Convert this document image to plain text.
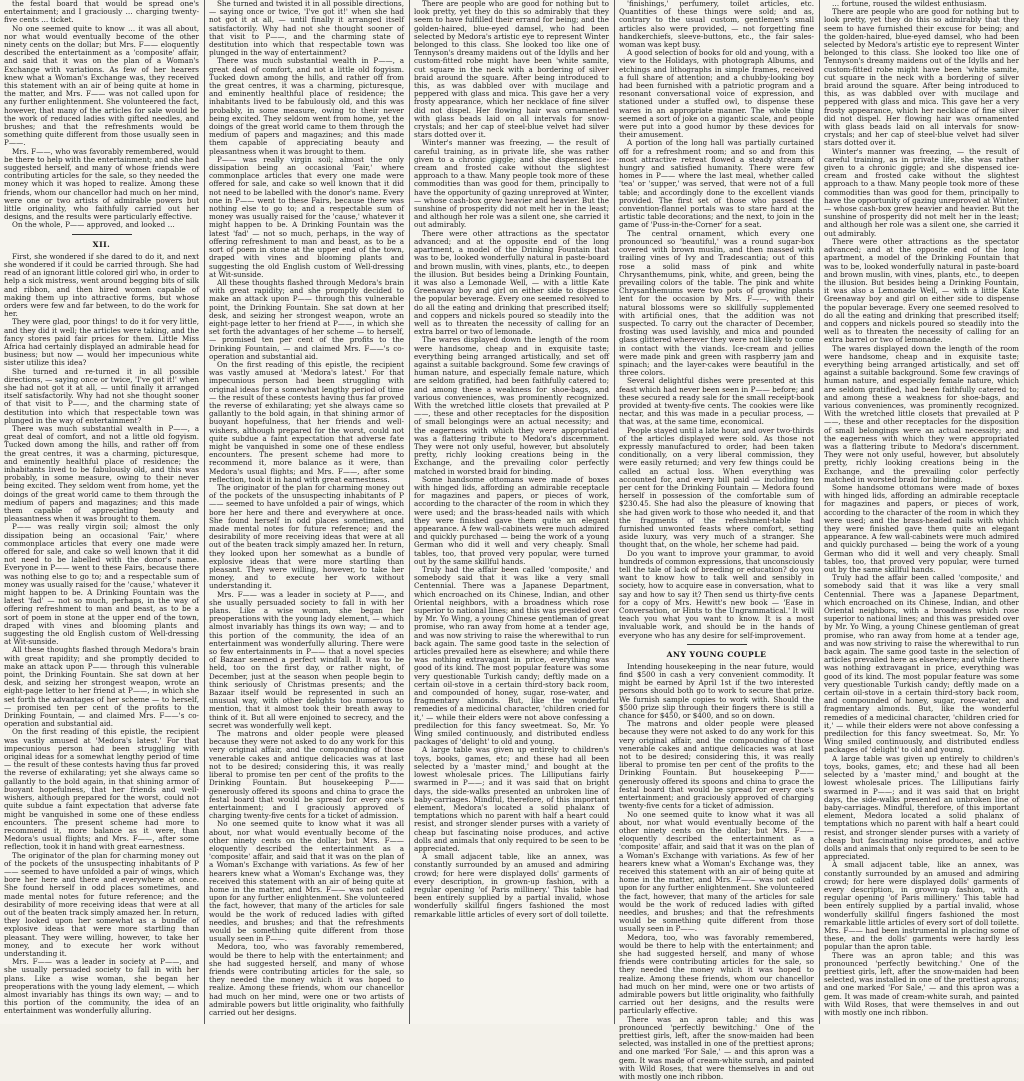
the festal board that would be spread one's entertainment; and I graciously … charging twenty-five cents … ticket.

No one seemed quite to know … it was all about, nor what would eventually become of the other ninety cents on the dollar; but Mrs. F—— eloquently described the entertainment as a 'composite' affair, and said that it was on the plan of a Woman's Exchange with variations. As few of her hearers knew what a Woman's Exchange was, they received this statement with an air of being quite at home in the matter, and Mrs. F—— was not called upon for any further enlightenment. She volunteered the fact, however, that many of the articles for sale would be the work of reduced ladies with gifted needles, and brushes; and that the refreshments would be something quite different from those usually seen in P——.

Mrs. F——, who was favorably remembered, would be there to help with the entertainment; and she had suggested herself, and many of whose friends were contributing articles for the sale, so they needed the money which it was hoped to realize. Among these friends, whom our chancellor had much on her mind, were one or two artists of admirable powers but little originality, who faithfully carried out her designs, and the results were particularly effective.

On the whole, P—— approved, and looked …

XII.

First, she wondered if she dared to do it, and next she wondered if it could be carried through. She had read of an ignorant little colored girl who, in order to help a sick mistress, went around begging bits of silk and ribbon, and then hired women capable of making them up into attractive forms, but whose orders were few and far between, to do the work for her.

They were glad, poor things! to do it for very little, and they did it well; the articles were taking, and the fancy stores paid fair prices for them. Little Miss Africa had certainly displayed an admirable head for business; but now — would her impecunious white sister utilize this idea?

She turned and re-turned it in all possible directions, — saying once or twice, 'I've got it!' when she had not got it at all, — until finally it arranged itself satisfactorily. Why had not she thought sooner of that visit to P——, and the charming state of destitution into which that respectable town was plunged in the way of entertainment?

There was much substantial wealth in P——, a great deal of comfort, and not a little old fogyism. Tucked down among the hills, and rather off from the great centres, it was a charming, picturesque, and eminently healthful place of residence; the inhabitants lived to be fabulously old, and this was probably, in some measure, owing to their never being excited. They seldom went from home, yet the doings of the great world came to them through the medium of papers and magazines; and this made them capable of appreciating beauty and pleasantness when it was brought to them.

P—— was really virgin soil; almost the only dissipation being an occasional 'Fair,' where commonplace articles that every one made were offered for sale, and cake so well known that it did not need to be labelled with the donor's name. Everyone in P—— went to these Fairs, because there was nothing else to go to; and a respectable sum of money was usually raised for the 'cause,' whatever it might happen to be. A Drinking Fountain was the latest 'fad' — not so much, perhaps, in the way of offering refreshment to man and beast, as to be a sort of poem in stone at the upper end of the town, draped with vines and blooming plants and suggesting the old English custom of Well-dressing at Wit-sunside.

All these thoughts flashed through Medora's brain with great rapidity; and she promptly decided to make an attack upon P—— through this vulnerable point, the Drinking Fountain. She sat down at her desk, and seizing her strongest weapon, wrote an eight-page letter to her friend at P——, in which she set forth the advantages of her scheme — to herself, — promised ten per cent of the profits to the Drinking Fountain, — and claimed Mrs. F——'s co-operation and substantial aid.

On the first reading of this epistle, the recipient was vastly amused at 'Medora's latest.' For that impecunious person had been struggling with original ideas for a somewhat lengthy period of time — the result of these contests having thus far proved the reverse of exhilarating; yet she always came so gallantly to the bold again, in that shining armor of buoyant hopefulness, that her friends and well-wishers, although prepared for the worst, could not quite subdue a faint expectation that adverse fate might be vanquished in some one of these endless encounters. The present scheme had more to recommend it, more balance as it were, than Medora's usual flights; and Mrs. F——, after some reflection, took it in hand with great earnestness.

The originator of the plan for charming money out of the pockets of the unsuspecting inhabitants of P—— seemed to have unfolded a pair of wings, which bore her here and there and everywhere at once. She found herself in odd places sometimes, and made mental notes for future reference; and the desirability of more receiving ideas that were at all out of the beaten track simply amazed her. In return, they looked upon her somewhat as a bundle of explosive ideas that were more startling than pleasant. They were willing, however, to take her money, and to execute her work without understanding it.

Mrs. F—— was a leader in society at P——, and she usually persuaded society to fall in with her plans. Like a wise woman, she began her preoperations with the young lady element, — which almost invariably has things its own way; — and to this portion of the community, the idea of an entertainment was wonderfully alluring.

She turned and twisted it in all possible directions, — saying once or twice, 'I've got it!' when she had not got it at all, — until finally it arranged itself satisfactorily. Why had not she thought sooner of that visit to P——, and the charming state of destitution into which that respectable town was plunged in the way of entertainment?

There was much substantial wealth in P——, a great deal of comfort, and not a little old fogyism. Tucked down among the hills, and rather off from the great centres, it was a charming, picturesque, and eminently healthful place of residence; the inhabitants lived to be fabulously old, and this was probably, in some measure, owing to their never being excited. They seldom went from home, yet the doings of the great world came to them through the medium of papers and magazines; and this made them capable of appreciating beauty and pleasantness when it was brought to them.

P—— was really virgin soil; almost the only dissipation being an occasional 'Fair,' where commonplace articles that every one made were offered for sale, and cake so well known that it did not need to be labelled with the donor's name. Every one in P—— went to these Fairs, because there was nothing else to go to; and a respectable sum of money was usually raised for the 'cause,' whatever it might happen to be. A Drinking Fountain was the latest 'fad' — not so much, perhaps, in the way of offering refreshment to man and beast, as to be a sort of poem in stone at the upper end of the town, draped with vines and blooming plants and suggesting the old English custom of Well-dressing at Wit-sunside.

All these thoughts flashed through Medora's brain with great rapidity; and she promptly decided to make an attack upon P—— through this vulnerable point, the Drinking Fountain. She sat down at her desk, and seizing her strongest weapon, wrote an eight-page letter to her friend at P——, in which she set forth the advantages of her scheme — to herself, — promised ten per cent of the profits to the Drinking Fountain, — and claimed Mrs. F——'s co-operation and substantial aid.

On the first reading of this epistle, the recipient was vastly amused at 'Medora's latest.' For that impecunious person had been struggling with original ideas for a somewhat lengthy period of time — the result of these contests having thus far proved the reverse of exhilarating; yet she always came so gallantly to the bold again, in that shining armor of buoyant hopefulness, that her friends and well-wishers, although prepared for the worst, could not quite subdue a faint expectation that adverse fate might be vanquished in some one of these endless encounters. The present scheme had more to recommend it, more balance as it were, than Medora's usual flights; and Mrs. F——, after some reflection, took it in hand with great earnestness.

The originator of the plan for charming money out of the pockets of the unsuspecting inhabitants of P—— seemed to have unfolded a pair of wings, which bore her here and there and everywhere at once. She found herself in odd places sometimes, and made mental notes for future reference; and the desirability of more receiving ideas that were at all out of the beaten track simply amazed her. In return, they looked upon her somewhat as a bundle of explosive ideas that were more startling than pleasant. They were willing, however, to take her money, and to execute her work without understanding it.

Mrs. F—— was a leader in society at P——, and she usually persuaded society to fall in with her plans. Like a wise woman, she began her preoperations with the young lady element, — which almost invariably has things its own way; — and to this portion of the community, the idea of an entertainment was wonderfully alluring. There were so few entertainments in P—— that a novel species of Bazaar seemed a perfect windfall. It was to be held, too on the first day, or rather night, of December, just at the season when people begin to think seriously of Christmas presents; and the Bazaar itself would be represented in such an unusual way, with other delights too numerous to mention, that it almost took their breath away to think of it. But all were enjoined to secrecy, and the secret was wonderfully well kept.

The matrons and older people were pleased because they were not asked to do any work for this very original affair, and the compounding of those venerable cakes and antique delicacies was at last not to be desired; considering this, it was really liberal to promise ten per cent of the profits to the Drinking Fountain. But housekeeping P—— generously offered its spoons and china to grace the festal board that would be spread for every one's entertainment; and I graciously approved of charging twenty-five cents for a ticket of admission.

No one seemed quite to know what it was all about, nor what would eventually become of the other ninety cents on the dollar; but Mrs. F—— eloquently described the entertainment as a 'composite' affair, and said that it was on the plan of a Woman's Exchange with variations. As few of her hearers knew what a Woman's Exchange was, they received this statement with an air of being quite at home in the matter, and Mrs. F—— was not called upon for any further enlightenment. She volunteered the fact, however, that many of the articles for sale would be the work of reduced ladies with gifted needles, and brushes; and that the refreshments would be something quite different from those usually seen in P——.

Medora, too, who was favorably remembered, would be there to help with the entertainment; and she had suggested herself, and many of whose friends were contributing articles for the sale, so they needed the money which it was hoped to realize. Among these friends, whom our chancellor had much on her mind, were one or two artists of admirable powers but little originality, who faithfully carried out her designs.

There are people who are good for nothing but to look pretty, yet they do this so admirably that they seem to have fulfilled their errand for being; and the golden-haired, blue-eyed damsel, who had been selected by Medora's artistic eye to represent Winter belonged to this class. She looked too like one of Tennyson's dreamy maidens out of the Idylls and her custom-fitted robe might have been 'white samite, cut square in the neck with a bordering of silver braid around the square. After being introduced to this, as was dabbled over with mucilage and peppered with glass and mica. This gave her a very frosty appearance, which her necklace of fine silver did not dispel. Her flowing hair was ornamented with glass beads laid on all intervals for snow-crystals; and her cap of steel-blue velvet had silver stars dotted over it.

Winter's manner was freezing, — the result of careful training, as in private life, she was rather given to a chronic giggle; and she dispensed ice-cream and frosted cake without the slightest approach to a thaw. Many people took more of these commodities than was good for them, principally to have the opportunity of gazing unreproved at Winter, — whose cash-box grew heavier and heavier. But the sunshine of prosperity did not melt her in the least; and although her role was a silent one, she carried it out admirably.

There were other attractions as the spectator advanced; and at the opposite end of the long apartment, a model of the Drinking Fountain that was to be, looked wonderfully natural in paste-board and brown muslin, with vines, plants, etc., to deepen the illusion. But besides being a Drinking Fountain, it was also a Lemonade Well, — with a little Kate Greenaway boy and girl on either side to dispense the popular beverage. Every one seemed resolved to do all the eating and drinking that prescribed itself; and coppers and nickels poured so steadily into the well as to threaten the necessity of calling for an extra barrel or two of lemonade.

The wares displayed down the length of the room were handsome, cheap and in exquisite taste; everything being arranged artistically, and set off against a suitable background. Some few cravings of human nature, and especially female nature, which are seldom gratified, had been faithfully catered to; and among these a weakness for shoe-bags, and various conveniences, was prominently recognized. With the wretched little closets that prevailed at P——, these and other receptacles for the disposition of small belongings were an actual necessity; and the eagerness with which they were appropriated was a flattering tribute to Medora's discernment. They were not only useful, however, but absolutely pretty, richly looking creations being in the Exchange, and the prevailing color perfectly matched in worsted braid for binding.

Some handsome ottomans were made of boxes with hinged lids, affording an admirable receptacle for magazines and papers, or pieces of work, according to the character of the room in which they were used; and the brass-headed nails with which they were finished gave them quite an elegant appearance. A few wall-cabinets were much admired and quickly purchased — being the work of a young German who did it well and very cheaply. Small tables, too, that proved very popular, were turned out by the same skillful hands.

Truly had the affair been called 'composite,' and somebody said that it was like a very small Centennial. There was a Japanese Department, which encroached on its Chinese, Indian, and other Oriental neighbors, with a broadness which rose superior to national lines; and this was presided over by Mr. Yo Wing, a young Chinese gentleman of great promise, who ran away from home at a tender age, and was now striving to raise the wherewithal to run back again. The same good taste in the selection of articles prevailed here as elsewhere; and while there was nothing extravagant in price, everything was good of its kind. The most popular feature was some very questionable Turkish candy; deftly made on a certain oil-stove in a certain third-story back room, and compounded of honey, sugar, rose-water, and fragmentary almonds. But, like the wonderful remedies of a medicinal character, 'children cried for it,' — while their elders were not above confessing a predilection for this fancy sweetmeat. So, Mr. Yo Wing smiled continuously, and distributed endless packages of 'delight' to old and young.

A large table was given up entirely to children's toys, books, games, etc; and these had all been selected by a 'master mind,' and bought at the lowest wholesale prices. The Lilliputians fairly swarmed in P——; and it was said that on bright days, the side-walks presented an unbroken line of baby-carriages. Mindful, therefore, of this important element, Medora's located a solid phalanx of temptations which no parent with half a heart could resist, and stronger slender purses with a variety of cheap but fascinating noise produces, and active dolls and animals that only required to be seen to be appreciated.

A small adjacent table, like an annex, was constantly surrounded by an amused and admiring crowd; for here were displayed dolls' garments of every description, in grown-up fashion, with a regular opening 'of Paris millinery.' This table had been entirely supplied by a partial invalid, whose wonderfully skillful fingers fashioned the most remarkable little articles of every sort of doll toilette.

'finishings,' perfumery, toilet articles, etc. Quantities of these things were sold; and as, contrary to the usual custom, gentlemen's small articles also were provided, — not forgetting fine handkerchiefs, sleeve-buttons, etc., the fair sales-woman was kept busy.

A good selection of books for old and young, with a view to the Holidays, with photograph Albums, and etchings and lithographs in simple frames, received a full share of attention; and a chubby-looking boy had been furnished with a patriotic program and a resonant conversational voice of expression, and stationed under a stuffed owl, to dispense these wares in an appropriate manner. The whole thing seemed a sort of joke on a gigantic scale, and people were put into a good humor by these devices for their amusement.

A portion of the long hall was partially curtained off for a refreshment room; and so and from this most attractive retreat flowed a steady stream of hungry and satisfied humanity. There were few homes in P—— where the last meal, whether called 'tea' or 'supper,' was served, that were not of a full table; and accordingly done to the excellent viands provided. The first set of those who passed the convention-flannel portals was to stare hard at the artistic table decorations; and the next, to join in the game of 'Puss-in-the-Corner' for a seat.

The central ornament, which every one pronounced so 'beautiful,' was a round sugar-box covered with brown muslin, and then massed with trailing vines of Ivy and Tradescantia; out of this rose a solid mass of pink and white Chrysanthemums, pink, white, and green, being the prevailing colors of the table. The pink and white Chrysanthemums were two pots of growing plants lent for the occasion by Mrs. F——, with their natural blossoms were so skillfully supplemented with artificial ones, that the addition was not suspected. To carry out the character of December, frosting was used lavishly, and mica and pounded glass glittered wherever they were not likely to come in contact with the viands. Ice-cream and jellies were made pink and green with raspberry jam and spinach; and the layer-cakes were beautiful in the three colors.

Several delightful dishes were presented at this feast which had never been seen in P—— before; and these secured a ready sale for the small receipt-book provided at twenty-five cents. The cookies were like nectar, and this was made in a peculiar process, — that was, at the same time, economical.

People stayed until a late hour, and over two-thirds of the articles displayed were sold. As those not expressly manufactured to order, had been taken conditionally, on a very liberal commission, they were easily returned; and very few things could be called an actual loss. When everything was accounted for, and every bill paid — including ten per cent for the Drinking Fountain — Medora found herself in possession of the comfortable sum of $230.45. She had also the pleasure of knowing that she had given work to those who needed it, and that the fragments of the refreshment-table had furnished unwonted feasts where comfort, setting aside luxury, was very much of a stranger. She thought that, on the whole, her scheme had paid.

Do you want to improve your grammar, to avoid hundreds of common expressions, that unconsciously tell the tale of lack of breeding or education? do you want to know how to talk well and sensibly in society, how to acquire ease in conversation, what to say and how to say it? Then send us thirty-five cents for a copy of Mrs. Hewitt's new book — 'Ease in Conversation, or Hints to the Ungrammatical.' It will teach you what you want to know. It is a most invaluable work, and should be in the hands of everyone who has any desire for self-improvement.

ANY YOUNG COUPLE

Intending housekeeping in the near future, would find $500 in cash a very convenient commodity. It might be earned by April 1st if the two interested persons should both go to work to secure that prize. We furnish sample copies to work with. Should the $500 prize slip through their fingers there is still a chance for $450, or $400, and so on down.

The matrons and older people were pleased because they were not asked to do any work for this very original affair, and the compounding of those venerable cakes and antique delicacies was at last not to be desired; considering this, it was really liberal to promise ten per cent of the profits to the Drinking Fountain. But housekeeping P—— generously offered its spoons and china to grace the festal board that would be spread for every one's entertainment; and graciously approved of charging twenty-five cents for a ticket of admission.

No one seemed quite to know what it was all about, nor what would eventually become of the other ninety cents on the dollar; but Mrs. F—— eloquently described the entertainment as a 'composite' affair, and said that it was on the plan of a Woman's Exchange with variations. As few of her hearers knew what a Woman's Exchange was, they received this statement with an air of being quite at home in the matter, and Mrs. F—— was not called upon for any further enlightenment. She volunteered the fact, however, that many of the articles for sale would be the work of reduced ladies with gifted needles, and brushes; and that the refreshments would be something quite different from those usually seen in P——.

Medora, too, who was favorably remembered, would be there to help with the entertainment; and she had suggested herself, and many of whose friends were contributing articles for the sale, so they needed the money which it was hoped to realize. Among these friends, whom our chancellor had much on her mind, were one or two artists of admirable powers but little originality, who faithfully carried out her designs, and the results were particularly effective.

There was an apron table; and this was pronounced 'perfectly bewitching.' One of the prettiest girls, left, after the snow-maiden had been selected, was installed in one of the prettiest aprons; and one marked 'For Sale,' — and this apron was a gem. It was made of cream-white surah, and painted with Wild Roses, that were themselves in and out with mostly one inch ribbon.

… fortune, roused the wildest enthusiasm.

There are people who are good for nothing but to look pretty, yet they do this so admirably that they seem to have furnished their excuse for being; and the golden-haired, blue-eyed damsel, who had been selected by Medora's artistic eye to represent Winter belonged to this class. She looked too like one of Tennyson's dreamy maidens out of the Idylls and her custom-fitted robe might have been 'white samite, cut square in the neck with a bordering of silver braid around the square. After being introduced to this, as was dabbled over with mucilage and peppered with glass and mica. This gave her a very frosty appearance, which her necklace of fine silver did not dispel. Her flowing hair was ornamented with glass beads laid on all intervals for snow-crystals; and her cap of steel-blue velvet had silver stars dotted over it.

Winter's manner was freezing, — the result of careful training, as in private life, she was rather given to a chronic giggle; and she dispensed ice-cream and frosted cake without the slightest approach to a thaw. Many people took more of these commodities than was good for them, principally to have the opportunity of gazing unreproved at Winter, — whose cash-box grew heavier and heavier. But the sunshine of prosperity did not melt her in the least; and although her role was a silent one, she carried it out admirably.

There were other attractions as the spectator advanced; and at the opposite end of the long apartment, a model of the Drinking Fountain that was to be, looked wonderfully natural in paste-board and brown muslin, with vines, plants, etc., to deepen the illusion. But besides being a Drinking Fountain, it was also a Lemonade Well, — with a little Kate Greenaway boy and girl on either side to dispense the popular beverage. Every one seemed resolved to do all the eating and drinking that prescribed itself; and coppers and nickels poured so steadily into the well as to threaten the necessity of calling for an extra barrel or two of lemonade.

The wares displayed down the length of the room were handsome, cheap and in exquisite taste; everything being arranged artistically, and set off against a suitable background. Some few cravings of human nature, and especially female nature, which are seldom gratified, had been faithfully catered to; and among these a weakness for shoe-bags, and various conveniences, was prominently recognized. With the wretched little closets that prevailed at P——, these and other receptacles for the disposition of small belongings were an actual necessity; and the eagerness with which they were appropriated was a flattering tribute to Medora's discernment. They were not only useful, however, but absolutely pretty, richly looking creations being in the Exchange, and the prevailing color perfectly matched in worsted braid for binding.

Some handsome ottomans were made of boxes with hinged lids, affording an admirable receptacle for magazines and papers, or pieces of work, according to the character of the room in which they were used; and the brass-headed nails with which they were finished gave them quite an elegant appearance. A few wall-cabinets were much admired and quickly purchased — being the work of a young German who did it well and very cheaply. Small tables, too, that proved very popular, were turned out by the same skillful hands.

Truly had the affair been called 'composite,' and somebody said that it was like a very small Centennial. There was a Japanese Department, which encroached on its Chinese, Indian, and other Oriental neighbors, with a broadness which rose superior to national lines; and this was presided over by Mr. Yo Wing, a young Chinese gentleman of great promise, who ran away from home at a tender age, and was now striving to raise the wherewithal to run back again. The same good taste in the selection of articles prevailed here as elsewhere; and while there was nothing extravagant in price, everything was good of its kind. The most popular feature was some very questionable Turkish candy; deftly made on a certain oil-stove in a certain third-story back room, and compounded of honey, sugar, rose-water, and fragmentary almonds. But, like the wonderful remedies of a medicinal character, 'children cried for it,' — while their elders were not above confessing a predilection for this fancy sweetmeat. So, Mr. Yo Wing smiled continuously, and distributed endless packages of 'delight' to old and young.

A large table was given up entirely to children's toys, books, games, etc; and these had all been selected by a 'master mind,' and bought at the lowest wholesale prices. The Lilliputians fairly swarmed in P——; and it was said that on bright days, the side-walks presented an unbroken line of baby-carriages. Mindful, therefore, of this important element, Medora located a solid phalanx of temptations which no parent with half a heart could resist, and stronger slender purses with a variety of cheap but fascinating noise produces, and active dolls and animals that only required to be seen to be appreciated.

A small adjacent table, like an annex, was constantly surrounded by an amused and admiring crowd; for here were displayed dolls' garments of every description, in grown-up fashion, with a regular opening 'of Paris millinery.' This table had been entirely supplied by a partial invalid, whose wonderfully skillful fingers fashioned the most remarkable little articles of every sort of doll toilette. Mrs. F—— had been instrumental in placing some of these, and the dolls' garments were hardly less popular than the apron table.

There was an apron table; and this was pronounced 'perfectly bewitching.' One of the prettiest girls, left, after the snow-maiden had been selected, was installed in one of the prettiest aprons; and one marked 'For Sale,' — and this apron was a gem. It was made of cream-white surah, and painted with Wild Roses, that were themselves in and out with mostly one inch ribbon.
